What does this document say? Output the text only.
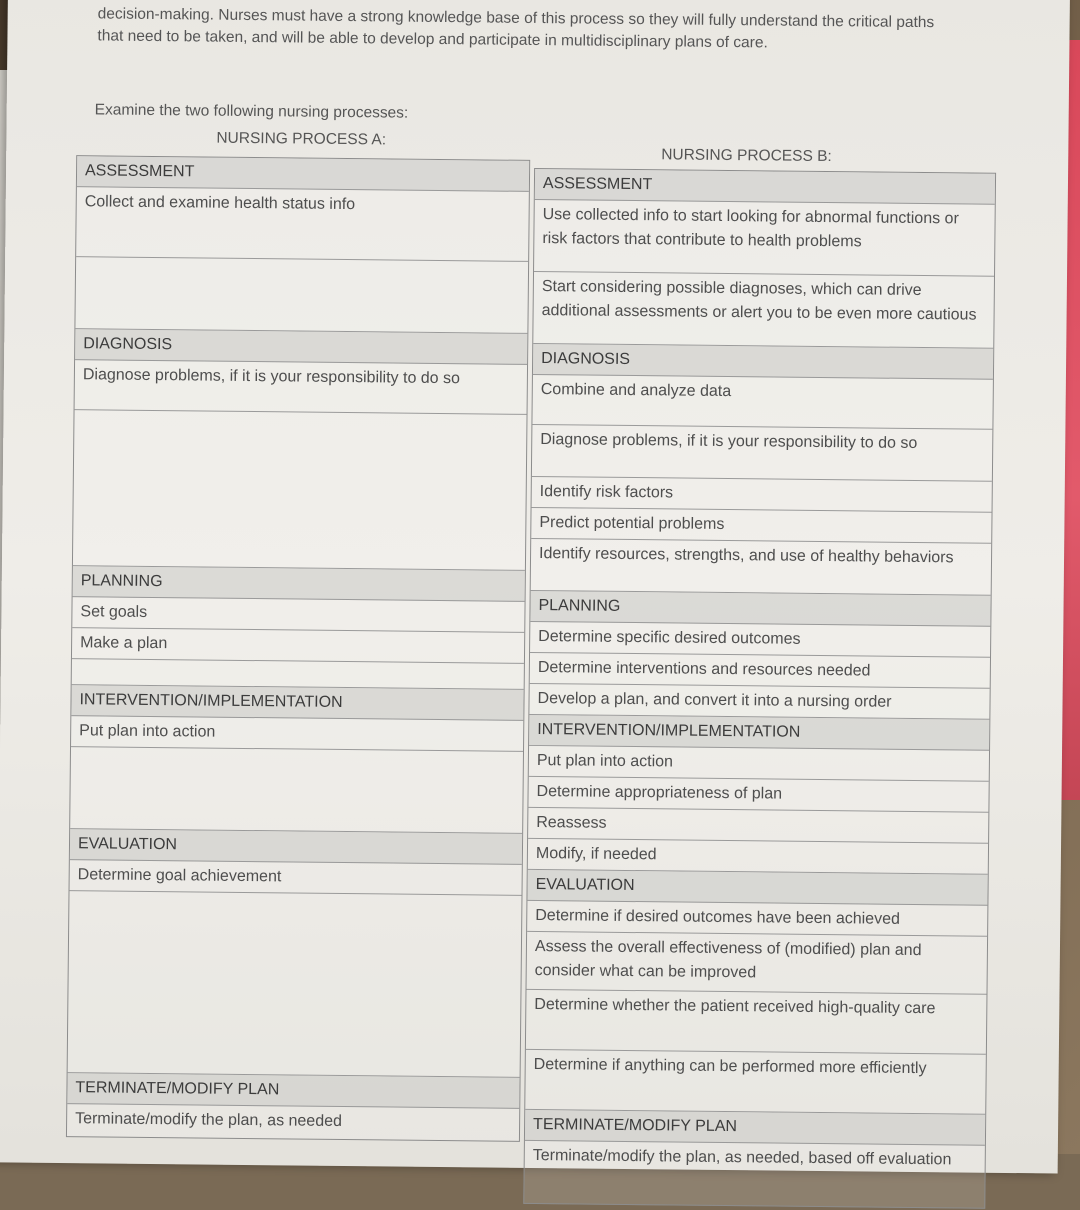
decision-making. Nurses must have a strong knowledge base of this process so they will fully understand the critical paths that need to be taken, and will be able to develop and participate in multidisciplinary plans of care.
Examine the two following nursing processes:
NURSING PROCESS A:
NURSING PROCESS B:
ASSESSMENT
Collect and examine health status info
DIAGNOSIS
Diagnose problems, if it is your responsibility to do so
PLANNING
Set goals
Make a plan
INTERVENTION/IMPLEMENTATION
Put plan into action
EVALUATION
Determine goal achievement
TERMINATE/MODIFY PLAN
Terminate/modify the plan, as needed
ASSESSMENT
Use collected info to start looking for abnormal functions or risk factors that contribute to health problems
Start considering possible diagnoses, which can drive additional assessments or alert you to be even more cautious
DIAGNOSIS
Combine and analyze data
Diagnose problems, if it is your responsibility to do so
Identify risk factors
Predict potential problems
Identify resources, strengths, and use of healthy behaviors
PLANNING
Determine specific desired outcomes
Determine interventions and resources needed
Develop a plan, and convert it into a nursing order
INTERVENTION/IMPLEMENTATION
Put plan into action
Determine appropriateness of plan
Reassess
Modify, if needed
EVALUATION
Determine if desired outcomes have been achieved
Assess the overall effectiveness of (modified) plan and consider what can be improved
Determine whether the patient received high-quality care
Determine if anything can be performed more efficiently
TERMINATE/MODIFY PLAN
Terminate/modify the plan, as needed, based off evaluation
